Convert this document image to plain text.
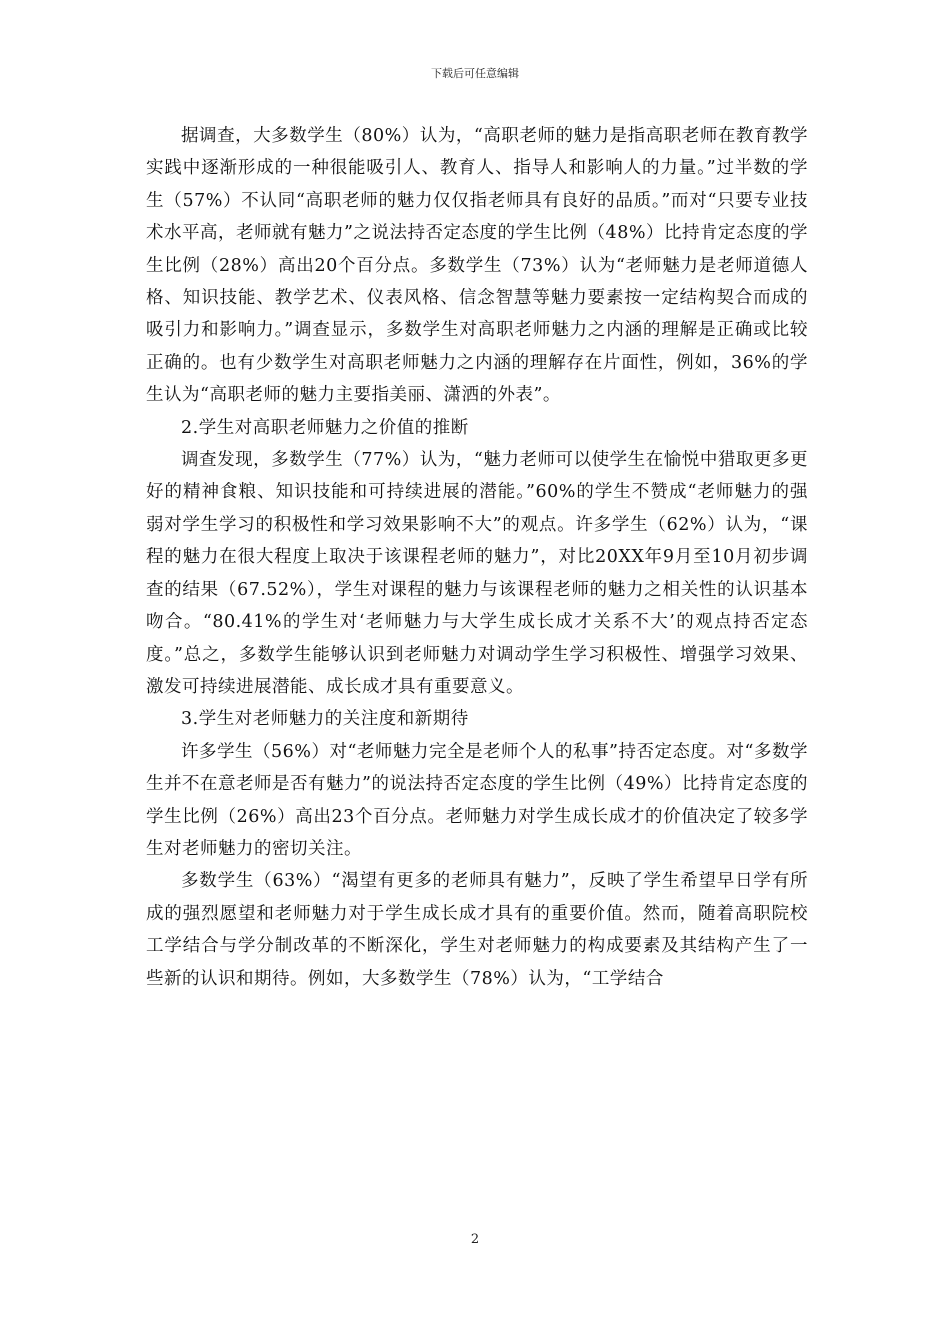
下载后可任意编辑

据调查，大多数学生（80%）认为，“高职老师的魅力是指高职老师在教育教学实践中逐渐形成的一种很能吸引人、教育人、指导人和影响人的力量。”过半数的学生（57%）不认同“高职老师的魅力仅仅指老师具有良好的品质。”而对“只要专业技术水平高，老师就有魅力”之说法持否定态度的学生比例（48%）比持肯定态度的学生比例（28%）高出20个百分点。多数学生（73%）认为“老师魅力是老师道德人格、知识技能、教学艺术、仪表风格、信念智慧等魅力要素按一定结构契合而成的吸引力和影响力。”调查显示，多数学生对高职老师魅力之内涵的理解是正确或比较正确的。也有少数学生对高职老师魅力之内涵的理解存在片面性，例如，36%的学生认为“高职老师的魅力主要指美丽、潇洒的外表”。

2.学生对高职老师魅力之价值的推断

调查发现，多数学生（77%）认为，“魅力老师可以使学生在愉悦中猎取更多更好的精神食粮、知识技能和可持续进展的潜能。”60%的学生不赞成“老师魅力的强弱对学生学习的积极性和学习效果影响不大”的观点。许多学生（62%）认为，“课程的魅力在很大程度上取决于该课程老师的魅力”，对比20XX年9月至10月初步调查的结果（67.52%），学生对课程的魅力与该课程老师的魅力之相关性的认识基本吻合。“80.41%的学生对‘老师魅力与大学生成长成才关系不大’的观点持否定态度。”总之，多数学生能够认识到老师魅力对调动学生学习积极性、增强学习效果、激发可持续进展潜能、成长成才具有重要意义。

3.学生对老师魅力的关注度和新期待

许多学生（56%）对“老师魅力完全是老师个人的私事”持否定态度。对“多数学生并不在意老师是否有魅力”的说法持否定态度的学生比例（49%）比持肯定态度的学生比例（26%）高出23个百分点。老师魅力对学生成长成才的价值决定了较多学生对老师魅力的密切关注。

多数学生（63%）“渴望有更多的老师具有魅力”，反映了学生希望早日学有所成的强烈愿望和老师魅力对于学生成长成才具有的重要价值。然而，随着高职院校工学结合与学分制改革的不断深化，学生对老师魅力的构成要素及其结构产生了一些新的认识和期待。例如，大多数学生（78%）认为，“工学结合

2
